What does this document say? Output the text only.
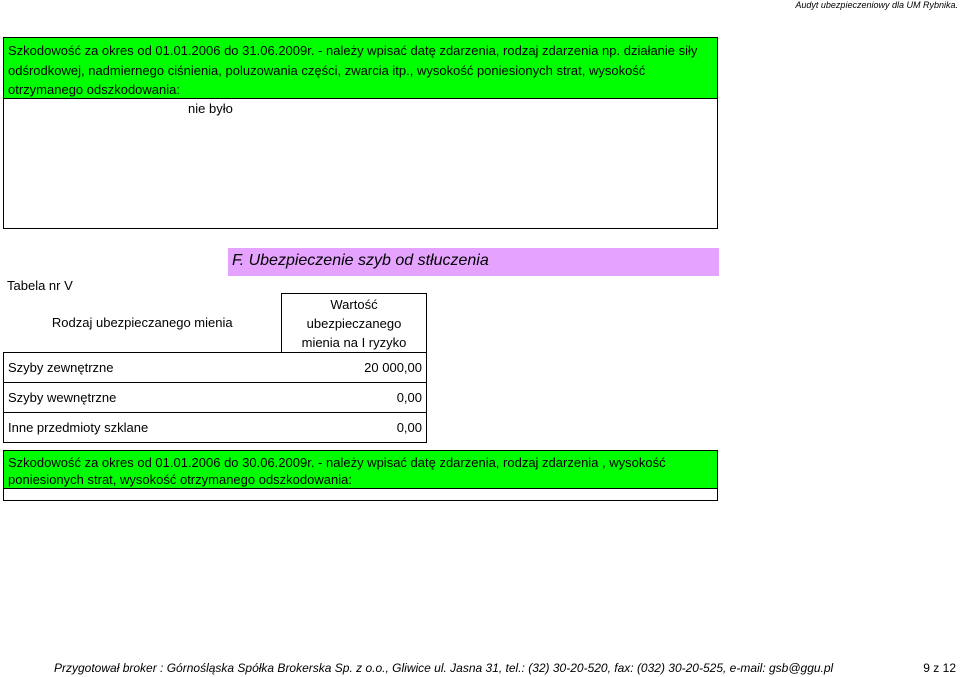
Audyt ubezpieczeniowy dla UM Rybnika.
Szkodowość za okres od 01.01.2006 do 31.06.2009r. - należy wpisać datę zdarzenia, rodzaj zdarzenia np. działanie siły odśrodkowej, nadmiernego ciśnienia, poluzowania części, zwarcia itp., wysokość poniesionych strat, wysokość otrzymanego odszkodowania:
nie było
F. Ubezpieczenie szyb od stłuczenia
Tabela nr V
Rodzaj ubezpieczanego mienia	Wartość ubezpieczanego mienia na I ryzyko
Szyby zewnętrzne	20 000,00
Szyby wewnętrzne	0,00
Inne przedmioty szklane	0,00
Szkodowość za okres od 01.01.2006 do 30.06.2009r. - należy wpisać datę zdarzenia, rodzaj zdarzenia , wysokość poniesionych strat, wysokość otrzymanego odszkodowania:
Przygotował broker : Górnośląska Spółka Brokerska Sp. z o.o., Gliwice ul. Jasna 31, tel.: (32) 30-20-520, fax: (032) 30-20-525, e-mail: gsb@ggu.pl	9 z 12
